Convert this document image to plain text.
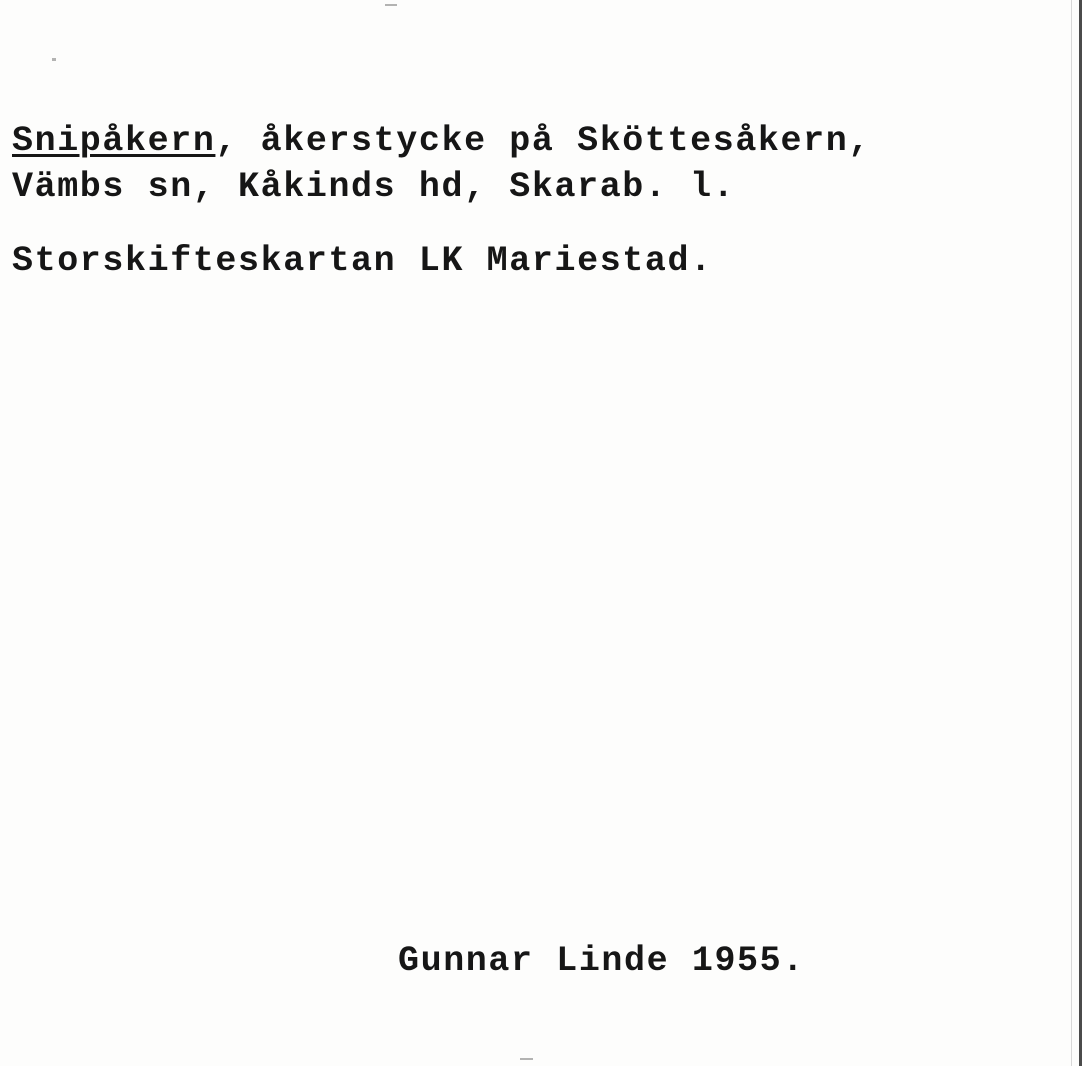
Snipåkern, åkerstycke på Sköttesåkern,
Vämbs sn, Kåkinds hd, Skarab. l.
Storskifteskartan LK Mariestad.
Gunnar Linde 1955.
